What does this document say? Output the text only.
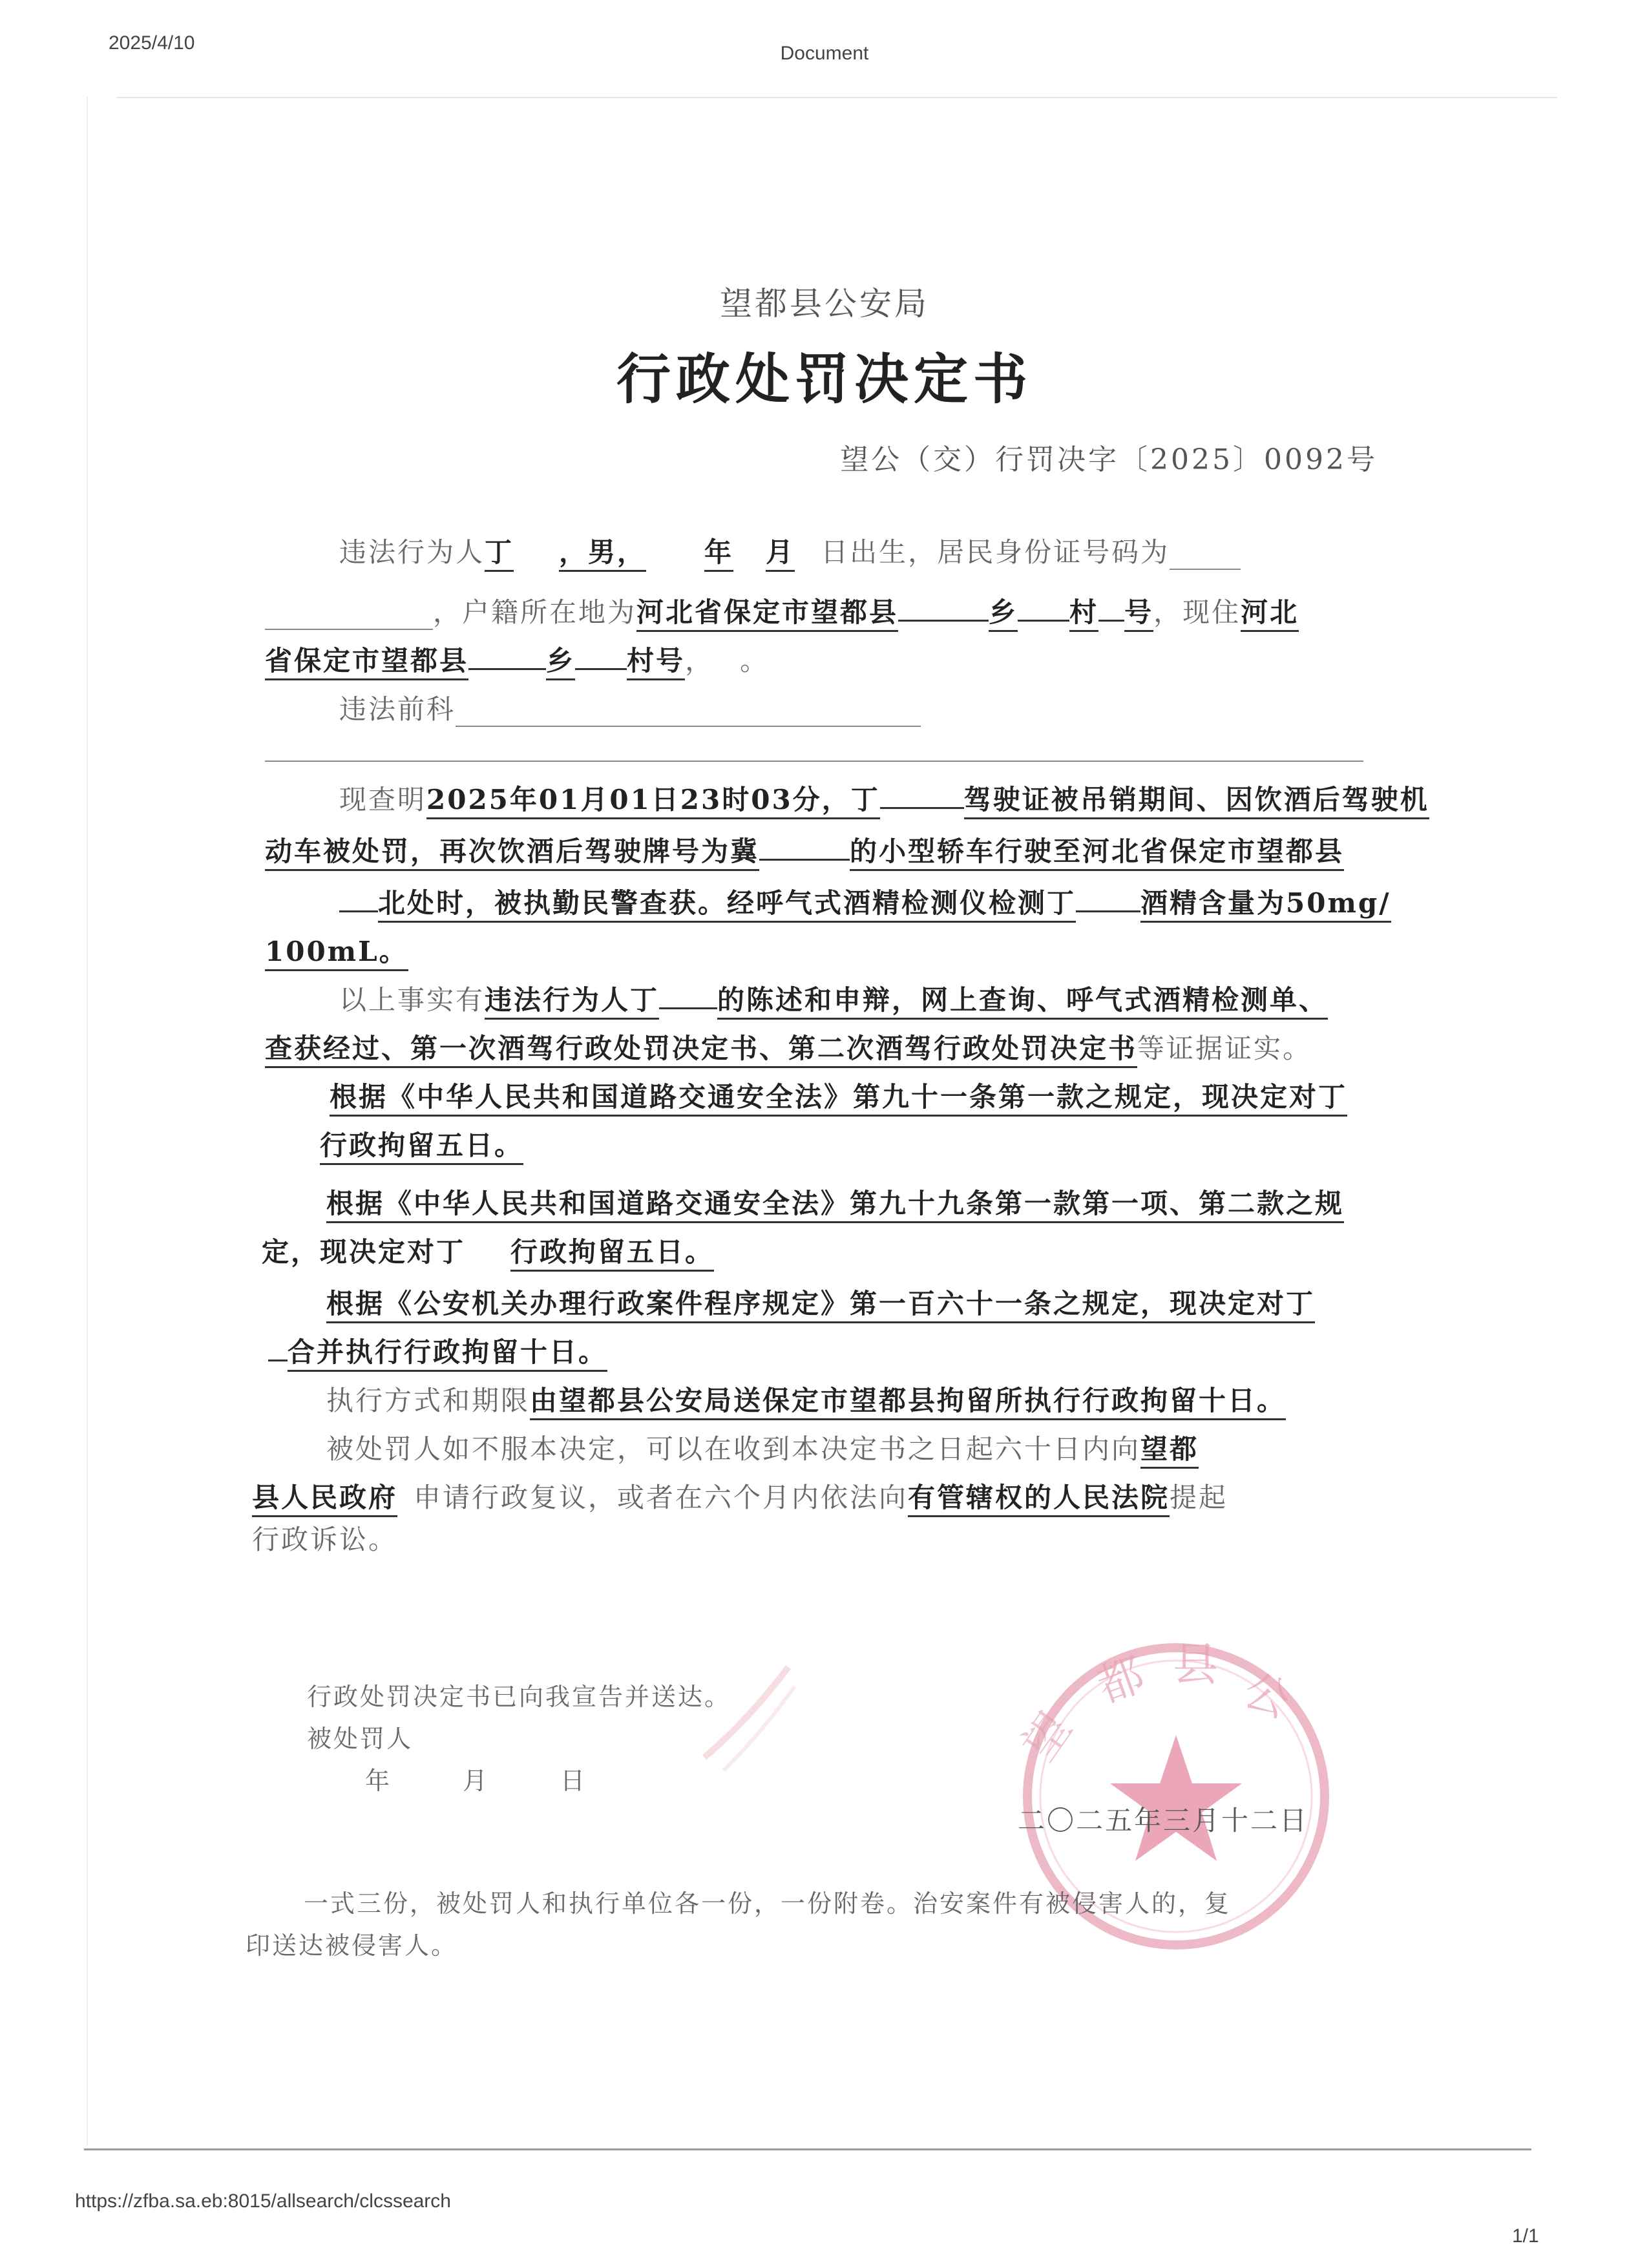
2025/4/10	Document
望都县公安局
行政处罚决定书
望公（交）行罚决字〔2025〕0092号
违法行为人丁 ，男， 年 月 日出生，居民身份证号码为
，户籍所在地为河北省保定市望都县	乡 村 号，现住河北
省保定市望都县	乡 村号， 。
违法前科
现查明2025年01月01日23时03分，丁	驾驶证被吊销期间、因饮酒后驾驶机
动车被处罚，再次饮酒后驾驶牌号为冀	的小型轿车行驶至河北省保定市望都县
北处时，被执勤民警查获。经呼气式酒精检测仪检测丁 酒精含量为50mg/
100mL。
以上事实有违法行为人丁 的陈述和申辩，网上查询、呼气式酒精检测单、
查获经过、第一次酒驾行政处罚决定书、第二次酒驾行政处罚决定书等证据证实。
根据《中华人民共和国道路交通安全法》第九十一条第一款之规定，现决定对丁
行政拘留五日。
根据《中华人民共和国道路交通安全法》第九十九条第一款第一项、第二款之规
定，现决定对丁 行政拘留五日。
根据《公安机关办理行政案件程序规定》第一百六十一条之规定，现决定对丁
合并执行行政拘留十日。
执行方式和期限由望都县公安局送保定市望都县拘留所执行行政拘留十日。
被处罚人如不服本决定，可以在收到本决定书之日起六十日内向望都
县人民政府 申请行政复议，或者在六个月内依法向有管辖权的人民法院提起
行政诉讼。
行政处罚决定书已向我宣告并送达。
被处罚人
年	月	日
都 县 公
望
二〇二五年三月十二日
一式三份，被处罚人和执行单位各一份，一份附卷。治安案件有被侵害人的，复
印送达被侵害人。
https://zfba.sa.eb:8015/allsearch/clcssearch
1/1
